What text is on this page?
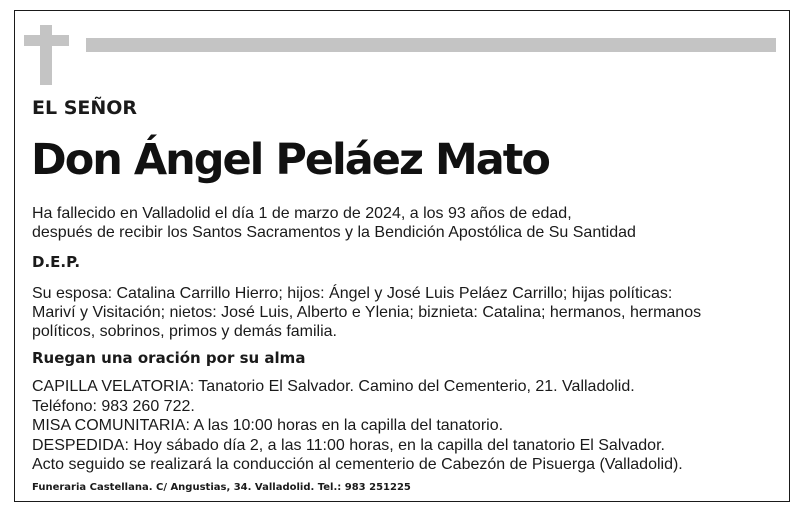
EL SEÑOR

Don Ángel Peláez Mato

Ha fallecido en Valladolid el día 1 de marzo de 2024, a los 93 años de edad,
después de recibir los Santos Sacramentos y la Bendición Apostólica de Su Santidad

D.E.P.

Su esposa: Catalina Carrillo Hierro; hijos: Ángel y José Luis Peláez Carrillo; hijas políticas:
Mariví y Visitación; nietos: José Luis, Alberto e Ylenia; biznieta: Catalina; hermanos, hermanos
políticos, sobrinos, primos y demás familia.

Ruegan una oración por su alma

CAPILLA VELATORIA: Tanatorio El Salvador. Camino del Cementerio, 21. Valladolid.
Teléfono: 983 260 722.
MISA COMUNITARIA: A las 10:00 horas en la capilla del tanatorio.
DESPEDIDA: Hoy sábado día 2, a las 11:00 horas, en la capilla del tanatorio El Salvador.
Acto seguido se realizará la conducción al cementerio de Cabezón de Pisuerga (Valladolid).

Funeraria Castellana. C/ Angustias, 34. Valladolid. Tel.: 983 251225
